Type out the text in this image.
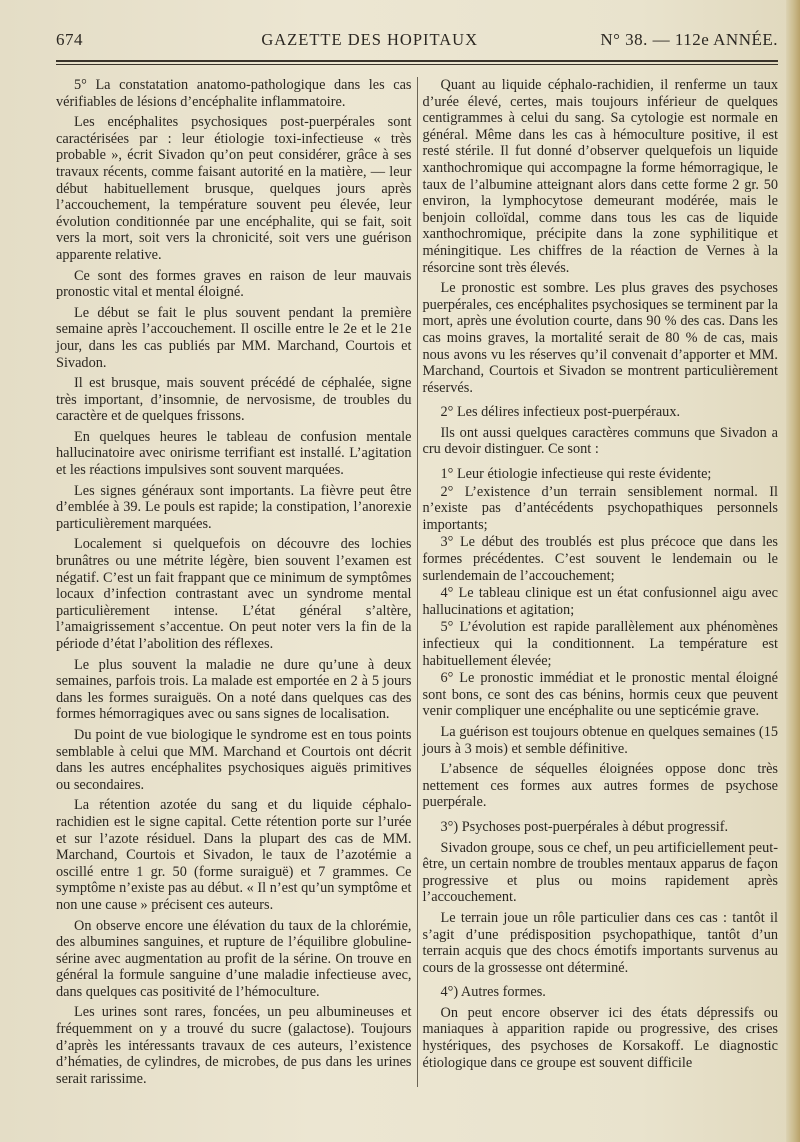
674	GAZETTE DES HOPITAUX	N° 38. — 112e ANNÉE.

5° La constatation anatomo-pathologique dans les cas vérifiables de lésions d’encéphalite inflammatoire.

Les encéphalites psychosiques post-puerpérales sont caractérisées par : leur étiologie toxi-infectieuse « très probable », écrit Sivadon qu’on peut considérer, grâce à ses travaux récents, comme faisant autorité en la matière, — leur début habituellement brusque, quelques jours après l’accouchement, la température souvent peu élevée, leur évolution conditionnée par une encéphalite, qui se fait, soit vers la mort, soit vers la chronicité, soit vers une guérison apparente relative.

Ce sont des formes graves en raison de leur mauvais pronostic vital et mental éloigné.

Le début se fait le plus souvent pendant la première semaine après l’accouchement. Il oscille entre le 2e et le 21e jour, dans les cas publiés par MM. Marchand, Courtois et Sivadon.

Il est brusque, mais souvent précédé de céphalée, signe très important, d’insomnie, de nervosisme, de troubles du caractère et de quelques frissons.

En quelques heures le tableau de confusion mentale hallucinatoire avec onirisme terrifiant est installé. L’agitation et les réactions impulsives sont souvent marquées.

Les signes généraux sont importants. La fièvre peut être d’emblée à 39. Le pouls est rapide; la constipation, l’anorexie particulièrement marquées.

Localement si quelquefois on découvre des lochies brunâtres ou une métrite légère, bien souvent l’examen est négatif. C’est un fait frappant que ce minimum de symptômes locaux d’infection contrastant avec un syndrome mental particulièrement intense. L’état général s’altère, l’amaigrissement s’accentue. On peut noter vers la fin de la période d’état l’abolition des réflexes.

Le plus souvent la maladie ne dure qu’une à deux semaines, parfois trois. La malade est emportée en 2 à 5 jours dans les formes suraiguës. On a noté dans quelques cas des formes hémorragiques avec ou sans signes de localisation.

Du point de vue biologique le syndrome est en tous points semblable à celui que MM. Marchand et Courtois ont décrit dans les autres encéphalites psychosiques aiguës primitives ou secondaires.

La rétention azotée du sang et du liquide céphalo-rachidien est le signe capital. Cette rétention porte sur l’urée et sur l’azote résiduel. Dans la plupart des cas de MM. Marchand, Courtois et Sivadon, le taux de l’azotémie a oscillé entre 1 gr. 50 (forme suraiguë) et 7 grammes. Ce symptôme n’existe pas au début. « Il n’est qu’un symptôme et non une cause » précisent ces auteurs.

On observe encore une élévation du taux de la chlorémie, des albumines sanguines, et rupture de l’équilibre globuline-sérine avec augmentation au profit de la sérine. On trouve en général la formule sanguine d’une maladie infectieuse avec, dans quelques cas positivité de l’hémoculture.

Les urines sont rares, foncées, un peu albumineuses et fréquemment on y a trouvé du sucre (galactose). Toujours d’après les intéressants travaux de ces auteurs, l’existence d’hématies, de cylindres, de microbes, de pus dans les urines serait rarissime.

Quant au liquide céphalo-rachidien, il renferme un taux d’urée élevé, certes, mais toujours inférieur de quelques centigrammes à celui du sang. Sa cytologie est normale en général. Même dans les cas à hémoculture positive, il est resté stérile. Il fut donné d’observer quelquefois un liquide xanthochromique qui accompagne la forme hémorragique, le taux de l’albumine atteignant alors dans cette forme 2 gr. 50 environ, la lymphocytose demeurant modérée, mais le benjoin colloïdal, comme dans tous les cas de liquide xanthochromique, précipite dans la zone syphilitique et méningitique. Les chiffres de la réaction de Vernes à la résorcine sont très élevés.

Le pronostic est sombre. Les plus graves des psychoses puerpérales, ces encéphalites psychosiques se terminent par la mort, après une évolution courte, dans 90 % des cas. Dans les cas moins graves, la mortalité serait de 80 % de cas, mais nous avons vu les réserves qu’il convenait d’apporter et MM. Marchand, Courtois et Sivadon se montrent particulièrement réservés.

2° Les délires infectieux post-puerpéraux.

Ils ont aussi quelques caractères communs que Sivadon a cru devoir distinguer. Ce sont :

1° Leur étiologie infectieuse qui reste évidente;

2° L’existence d’un terrain sensiblement normal. Il n’existe pas d’antécédents psychopathiques personnels importants;

3° Le début des troublés est plus précoce que dans les formes précédentes. C’est souvent le lendemain ou le surlendemain de l’accouchement;

4° Le tableau clinique est un état confusionnel aigu avec hallucinations et agitation;

5° L’évolution est rapide parallèlement aux phénomènes infectieux qui la conditionnent. La température est habituellement élevée;

6° Le pronostic immédiat et le pronostic mental éloigné sont bons, ce sont des cas bénins, hormis ceux que peuvent venir compliquer une encéphalite ou une septicémie grave.

La guérison est toujours obtenue en quelques semaines (15 jours à 3 mois) et semble définitive.

L’absence de séquelles éloignées oppose donc très nettement ces formes aux autres formes de psychose puerpérale.

3°) Psychoses post-puerpérales à début progressif.

Sivadon groupe, sous ce chef, un peu artificiellement peut-être, un certain nombre de troubles mentaux apparus de façon progressive et plus ou moins rapidement après l’accouchement.

Le terrain joue un rôle particulier dans ces cas : tantôt il s’agit d’une prédisposition psychopathique, tantôt d’un terrain acquis que des chocs émotifs importants survenus au cours de la grossesse ont déterminé.

4°) Autres formes.

On peut encore observer ici des états dépressifs ou maniaques à apparition rapide ou progressive, des crises hystériques, des psychoses de Korsakoff. Le diagnostic étiologique dans ce groupe est souvent difficile
